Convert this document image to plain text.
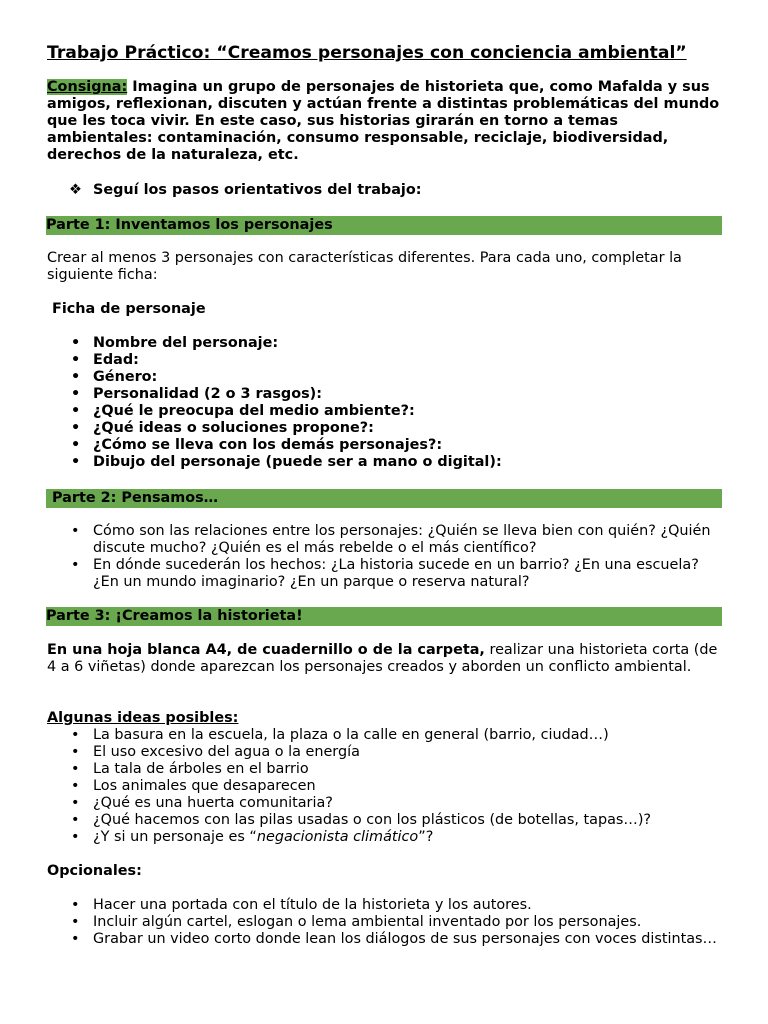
Trabajo Práctico: “Creamos personajes con conciencia ambiental”

Consigna: Imagina un grupo de personajes de historieta que, como Mafalda y sus amigos, reflexionan, discuten y actúan frente a distintas problemáticas del mundo que les toca vivir. En este caso, sus historias girarán en torno a temas ambientales: contaminación, consumo responsable, reciclaje, biodiversidad, derechos de la naturaleza, etc.

❖ Seguí los pasos orientativos del trabajo:
Parte 1: Inventamos los personajes

Crear al menos 3 personajes con características diferentes. Para cada uno, completar la siguiente ficha:

Ficha de personaje
• Nombre del personaje:
• Edad:
• Género:
• Personalidad (2 o 3 rasgos):
• ¿Qué le preocupa del medio ambiente?:
• ¿Qué ideas o soluciones propone?:
• ¿Cómo se lleva con los demás personajes?:
• Dibujo del personaje (puede ser a mano o digital):
Parte 2: Pensamos…
• Cómo son las relaciones entre los personajes: ¿Quién se lleva bien con quién? ¿Quién discute mucho? ¿Quién es el más rebelde o el más científico?
• En dónde sucederán los hechos: ¿La historia sucede en un barrio? ¿En una escuela? ¿En un mundo imaginario? ¿En un parque o reserva natural?
Parte 3: ¡Creamos la historieta!

En una hoja blanca A4, de cuadernillo o de la carpeta, realizar una historieta corta (de 4 a 6 viñetas) donde aparezcan los personajes creados y aborden un conflicto ambiental.

Algunas ideas posibles:
• La basura en la escuela, la plaza o la calle en general (barrio, ciudad…)
• El uso excesivo del agua o la energía
• La tala de árboles en el barrio
• Los animales que desaparecen
• ¿Qué es una huerta comunitaria?
• ¿Qué hacemos con las pilas usadas o con los plásticos (de botellas, tapas…)?
• ¿Y si un personaje es “negacionista climático”?
Opcionales:
• Hacer una portada con el título de la historieta y los autores.
• Incluir algún cartel, eslogan o lema ambiental inventado por los personajes.
• Grabar un video corto donde lean los diálogos de sus personajes con voces distintas…
